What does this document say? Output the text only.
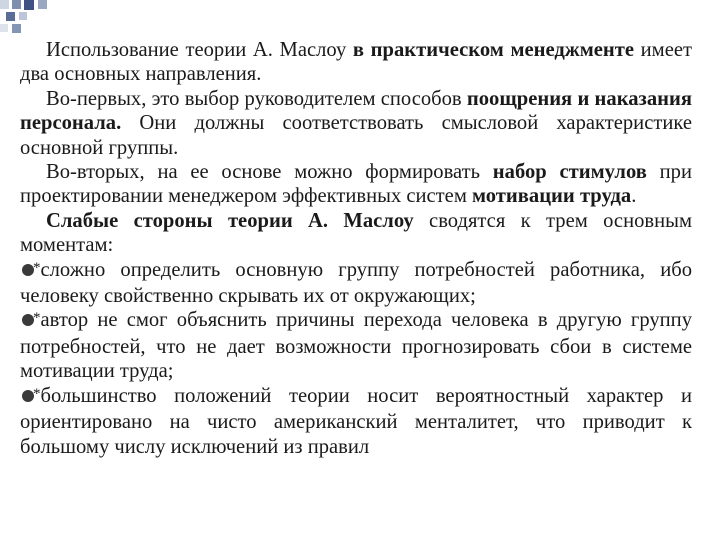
Использование теории А. Маслоу в практическом менеджменте имеет два основных направления.

Во-первых, это выбор руководителем способов поощрения и наказания персонала. Они должны соответствовать смысловой характеристике основной группы.

Во-вторых, на ее основе можно формировать набор стимулов при проектировании менеджером эффективных систем мотивации труда.

Слабые стороны теории А. Маслоу сводятся к трем основным моментам:

*сложно определить основную группу потребностей работника, ибо человеку свойственно скрывать их от окружающих;

*автор не смог объяснить причины перехода человека в другую группу потребностей, что не дает возможности прогнозировать сбои в системе мотивации труда;

*большинство положений теории носит вероятностный характер и ориентировано на чисто американский менталитет, что приводит к большому числу исключений из правил
